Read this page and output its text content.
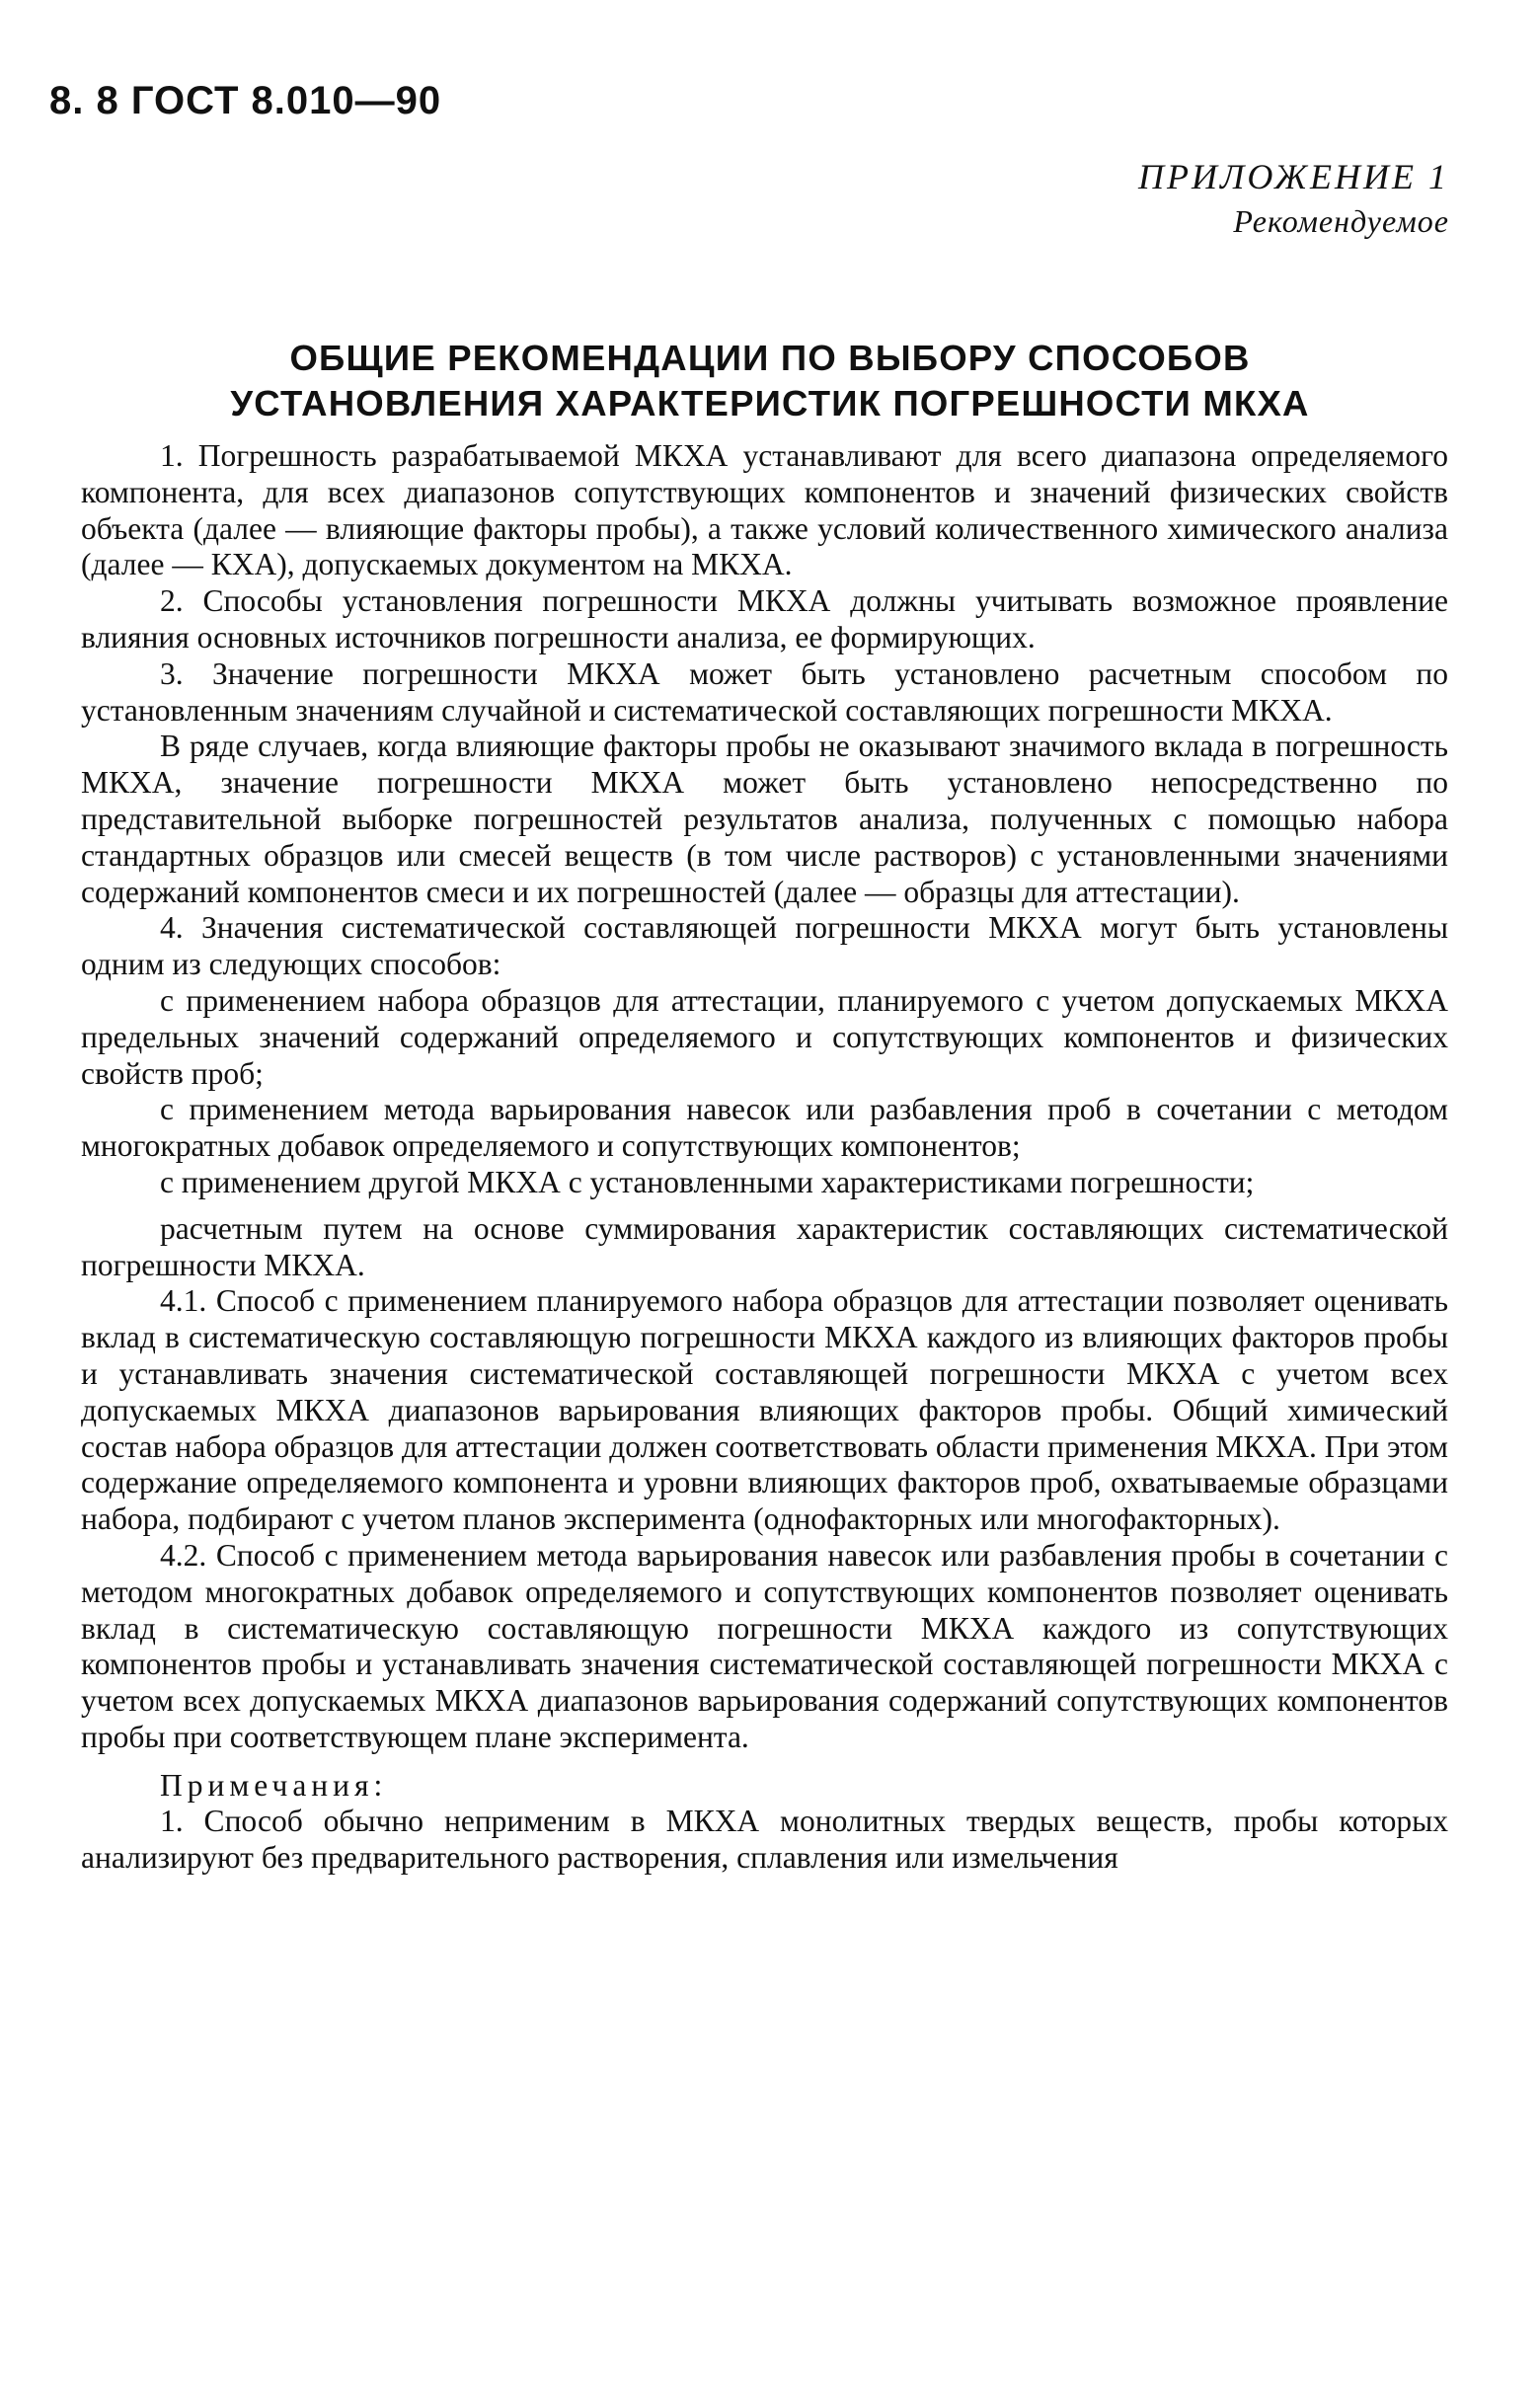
8. 8 ГОСТ 8.010—90
ПРИЛОЖЕНИЕ 1
Рекомендуемое
ОБЩИЕ РЕКОМЕНДАЦИИ ПО ВЫБОРУ СПОСОБОВ
УСТАНОВЛЕНИЯ ХАРАКТЕРИСТИК ПОГРЕШНОСТИ МКХА

1. Погрешность разрабатываемой МКХА устанавливают для всего диапазона определяемого компонента, для всех диапазонов сопутствующих компонентов и значений физических свойств объекта (далее — влияющие факторы пробы), а также условий количественного химического анализа (далее — КХА), допускаемых документом на МКХА.

2. Способы установления погрешности МКХА должны учитывать возможное проявление влияния основных источников погрешности анализа, ее формирующих.

3. Значение погрешности МКХА может быть установлено расчетным способом по установленным значениям случайной и систематической составляющих погрешности МКХА.

В ряде случаев, когда влияющие факторы пробы не оказывают значимого вклада в погрешность МКХА, значение погрешности МКХА может быть установлено непосредственно по представительной выборке погрешностей результатов анализа, полученных с помощью набора стандартных образцов или смесей веществ (в том числе растворов) с установленными значениями содержаний компонентов смеси и их погрешностей (далее — образцы для аттестации).

4. Значения систематической составляющей погрешности МКХА могут быть установлены одним из следующих способов:

с применением набора образцов для аттестации, планируемого с учетом допускаемых МКХА предельных значений содержаний определяемого и сопутствующих компонентов и физических свойств проб;

с применением метода варьирования навесок или разбавления проб в сочетании с методом многократных добавок определяемого и сопутствующих компонентов;

с применением другой МКХА с установленными характеристиками погрешности;

расчетным путем на основе суммирования характеристик составляющих систематической погрешности МКХА.

4.1. Способ с применением планируемого набора образцов для аттестации позволяет оценивать вклад в систематическую составляющую погрешности МКХА каждого из влияющих факторов пробы и устанавливать значения систематической составляющей погрешности МКХА с учетом всех допускаемых МКХА диапазонов варьирования влияющих факторов пробы. Общий химический состав набора образцов для аттестации должен соответствовать области применения МКХА. При этом содержание определяемого компонента и уровни влияющих факторов проб, охватываемые образцами набора, подбирают с учетом планов эксперимента (однофакторных или многофакторных).

4.2. Способ с применением метода варьирования навесок или разбавления пробы в сочетании с методом многократных добавок определяемого и сопутствующих компонентов позволяет оценивать вклад в систематическую составляющую погрешности МКХА каждого из сопутствующих компонентов пробы и устанавливать значения систематической составляющей погрешности МКХА с учетом всех допускаемых МКХА диапазонов варьирования содержаний сопутствующих компонентов пробы при соответствующем плане эксперимента.

Примечания:

1. Способ обычно неприменим в МКХА монолитных твердых веществ, пробы которых анализируют без предварительного растворения, сплавления или измельчения
